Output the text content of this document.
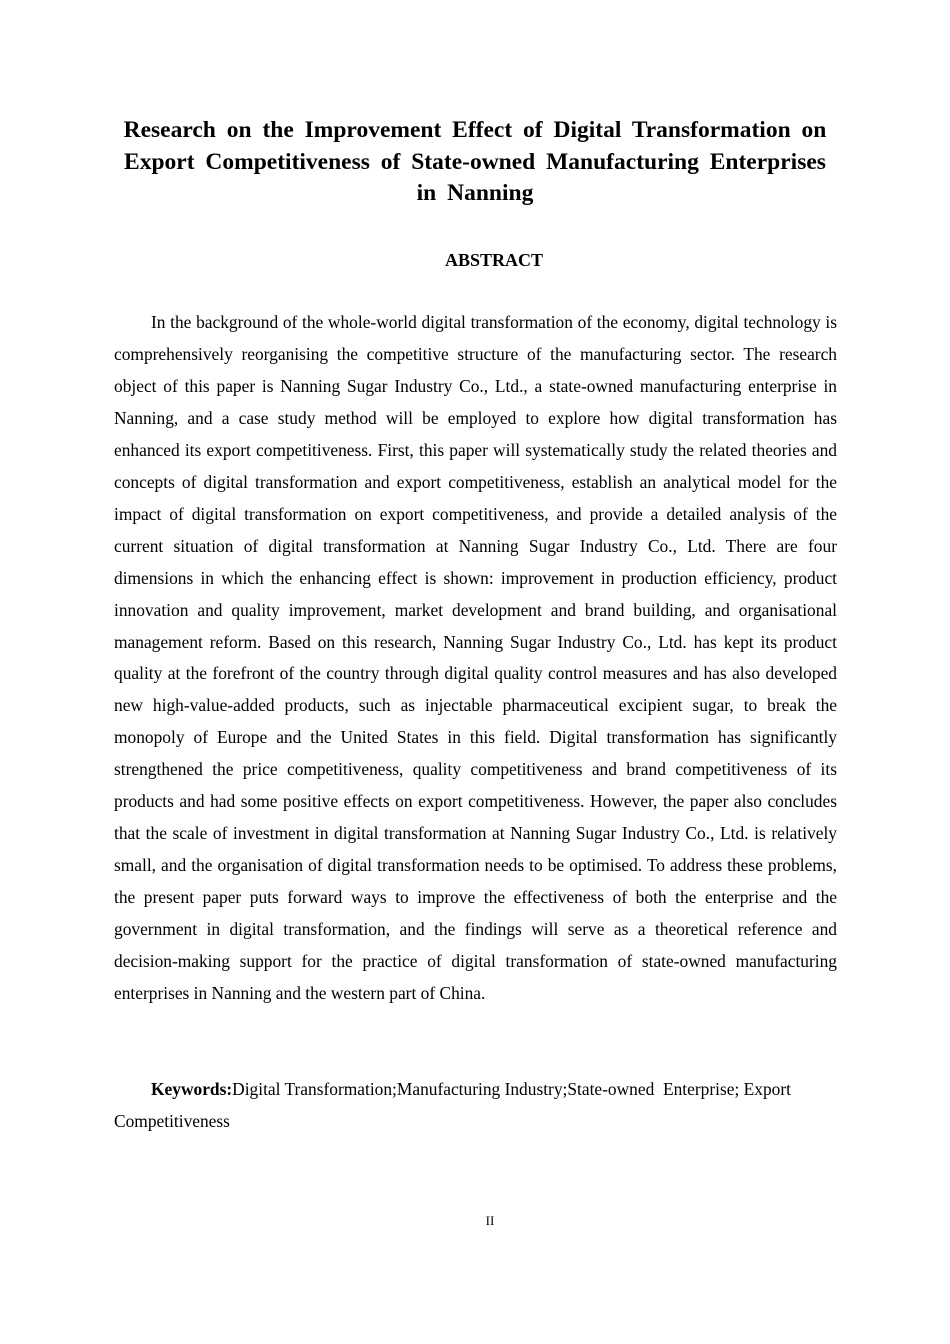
Research on the Improvement Effect of Digital Transformation on Export Competitiveness of State-owned Manufacturing Enterprises in Nanning
ABSTRACT

In the background of the whole-world digital transformation of the economy, digital technology is comprehensively reorganising the competitive structure of the manufacturing sector. The research object of this paper is Nanning Sugar Industry Co., Ltd., a state-owned manufacturing enterprise in Nanning, and a case study method will be employed to explore how digital transformation has enhanced its export competitiveness. First, this paper will systematically study the related theories and concepts of digital transformation and export competitiveness, establish an analytical model for the impact of digital transformation on export competitiveness, and provide a detailed analysis of the current situation of digital transformation at Nanning Sugar Industry Co., Ltd. There are four dimensions in which the enhancing effect is shown: improvement in production efficiency, product innovation and quality improvement, market development and brand building, and organisational management reform. Based on this research, Nanning Sugar Industry Co., Ltd. has kept its product quality at the forefront of the country through digital quality control measures and has also developed new high-value-added products, such as injectable pharmaceutical excipient sugar, to break the monopoly of Europe and the United States in this field. Digital transformation has significantly strengthened the price competitiveness, quality competitiveness and brand competitiveness of its products and had some positive effects on export competitiveness. However, the paper also concludes that the scale of investment in digital transformation at Nanning Sugar Industry Co., Ltd. is relatively small, and the organisation of digital transformation needs to be optimised. To address these problems, the present paper puts forward ways to improve the effectiveness of both the enterprise and the government in digital transformation, and the findings will serve as a theoretical reference and decision-making support for the practice of digital transformation of state-owned manufacturing enterprises in Nanning and the western part of China.

Keywords:Digital Transformation;Manufacturing Industry;State-owned  Enterprise; Export Competitiveness

II
